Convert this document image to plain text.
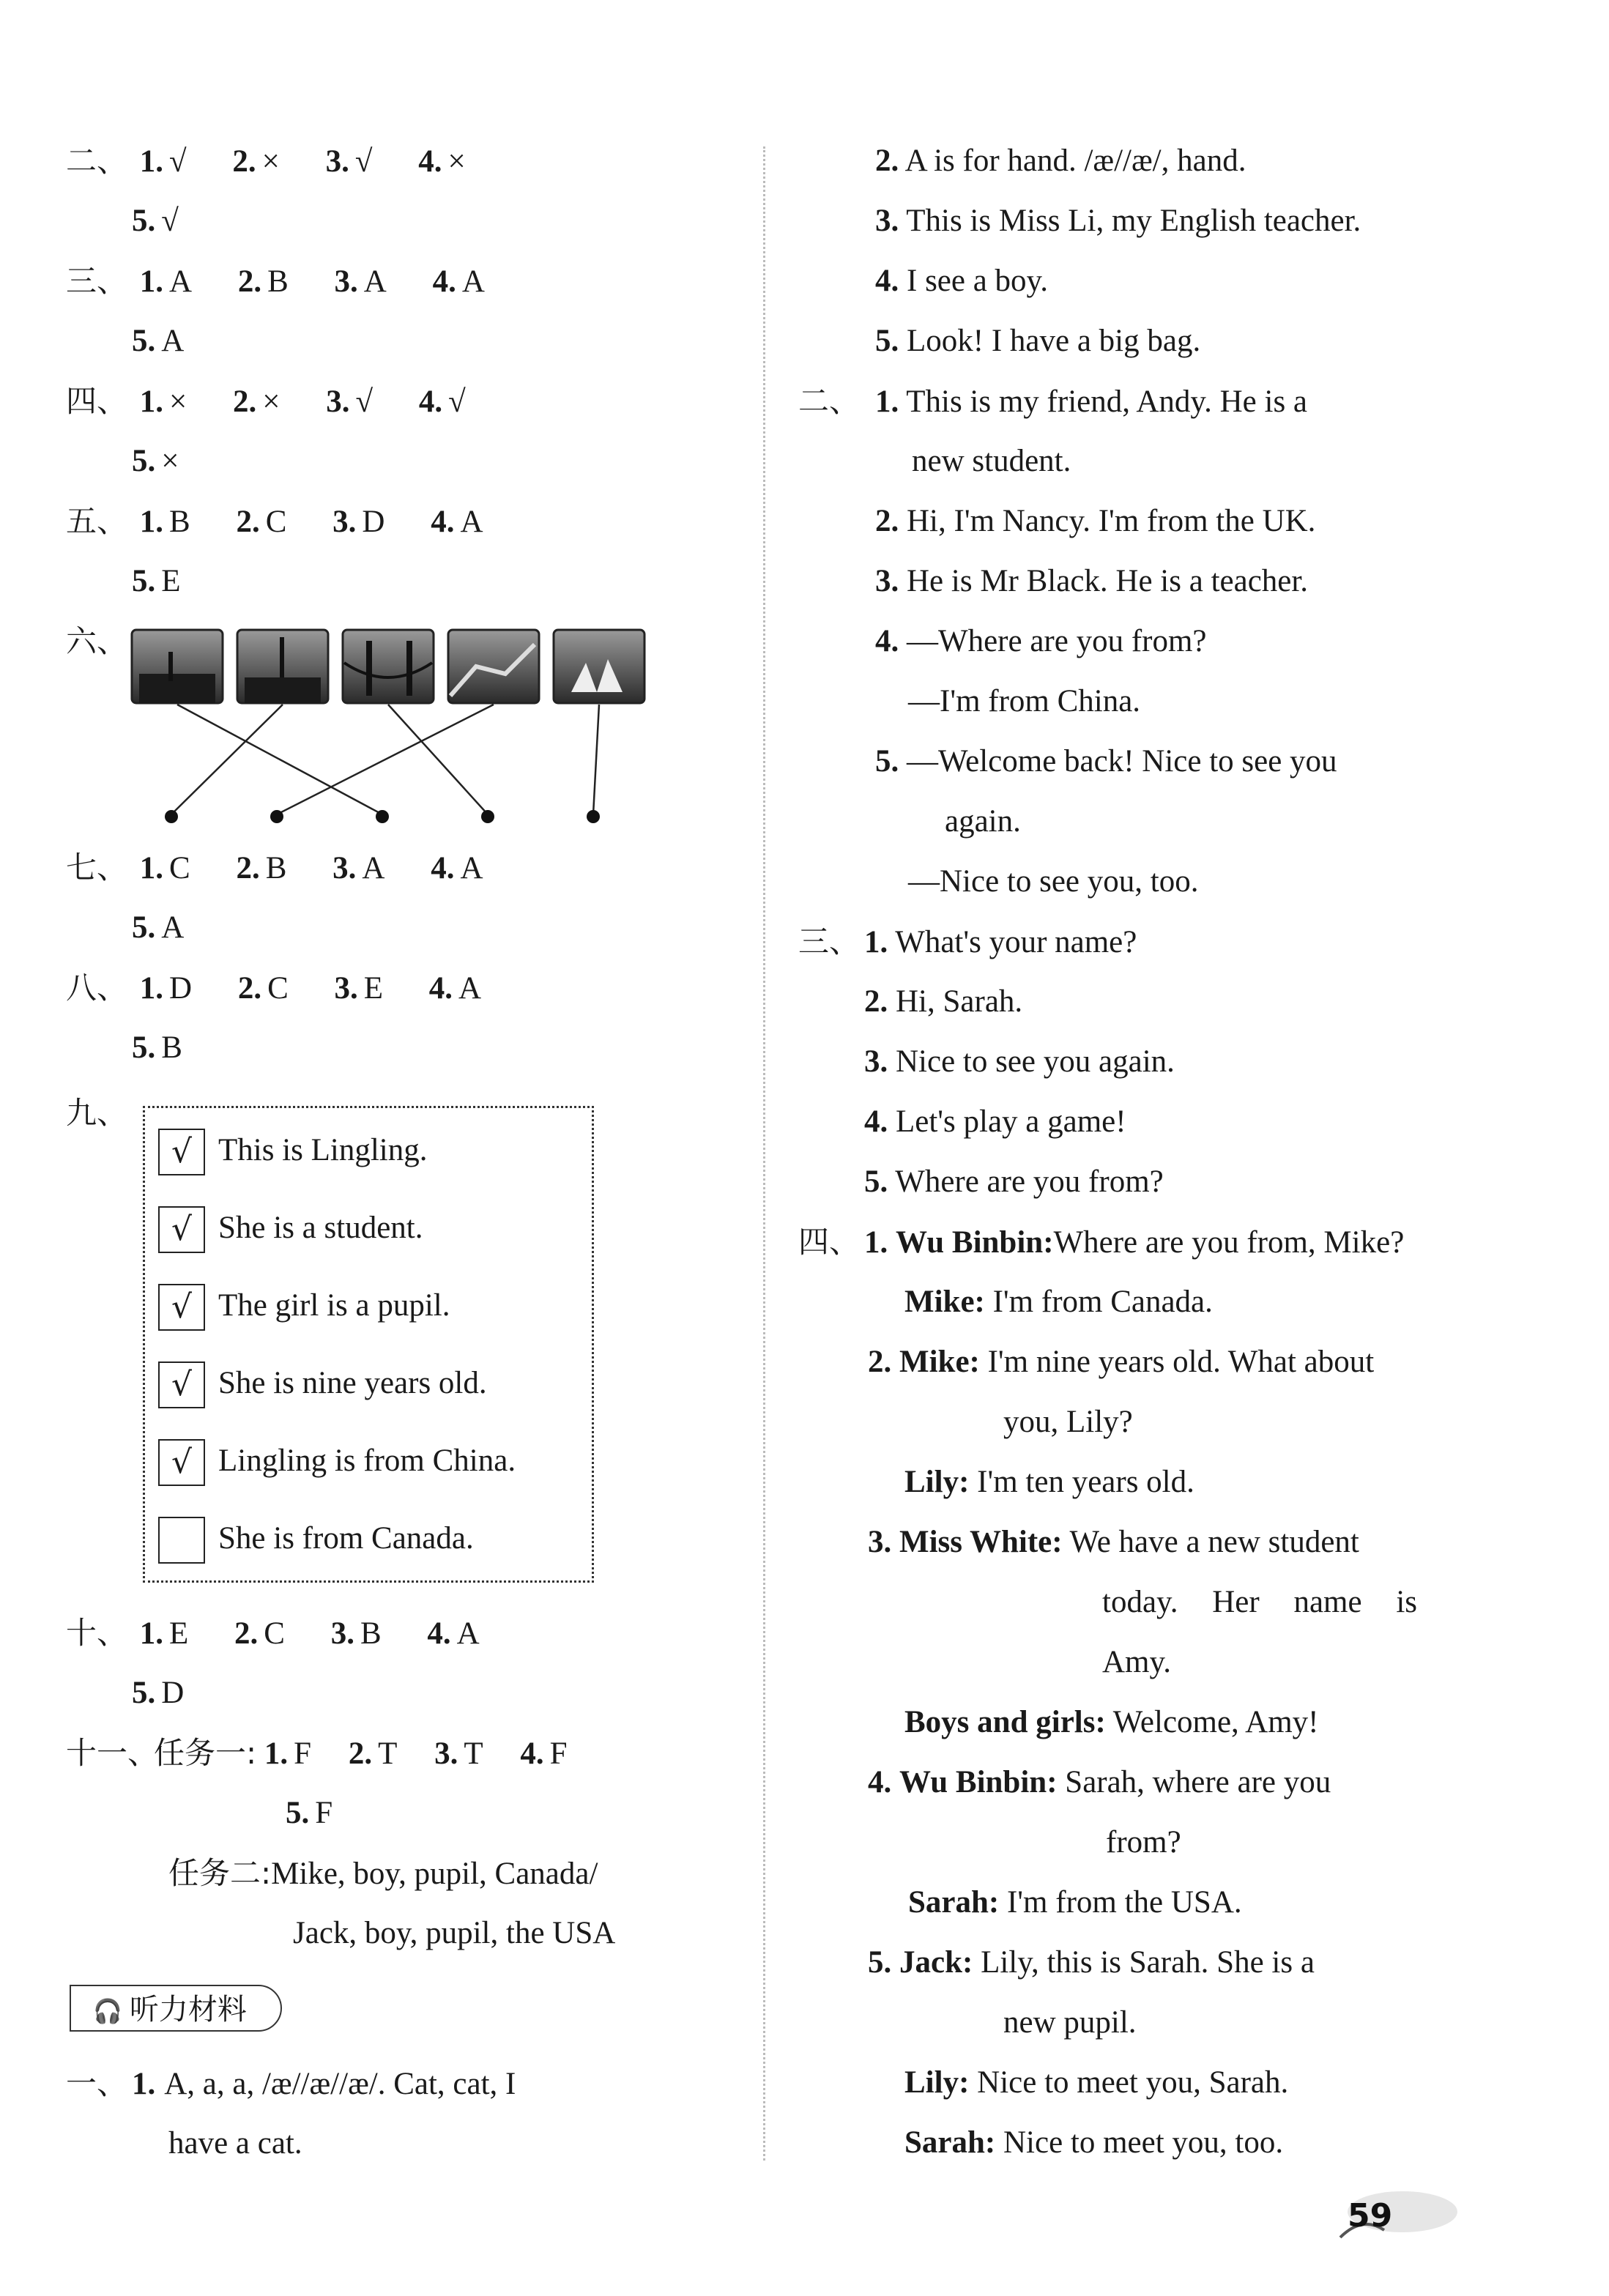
二、 1. √ 2. × 3. √ 4. ×
5. √
三、 1. A 2. B 3. A 4. A
5. A
四、 1. × 2. × 3. √ 4. √
5. ×
五、 1. B 2. C 3. D 4. A
5. E
六、
七、 1. C 2. B 3. A 4. A
5. A
八、 1. D 2. C 3. E 4. A
5. B
九、
√ This is Lingling.
√ She is a student.
√ The girl is a pupil.
√ She is nine years old.
√ Lingling is from China.
She is from Canada.
十、 1. E 2. C 3. B 4. A
5. D
十一、任务一: 1. F 2. T 3. T 4. F
5. F
任务二:Mike, boy, pupil, Canada/
Jack, boy, pupil, the USA
🎧 听力材料
一、 1. A, a, a, /æ//æ//æ/. Cat, cat, I
have a cat.
2. A is for hand. /æ//æ/, hand.
3. This is Miss Li, my English teacher.
4. I see a boy.
5. Look! I have a big bag.
二、 1. This is my friend, Andy. He is a
new student.
2. Hi, I'm Nancy. I'm from the UK.
3. He is Mr Black. He is a teacher.
4. —Where are you from?
—I'm from China.
5. —Welcome back! Nice to see you
again.
—Nice to see you, too.
三、 1. What's your name?
2. Hi, Sarah.
3. Nice to see you again.
4. Let's play a game!
5. Where are you from?
四、 1. Wu Binbin:Where are you from, Mike?
Mike: I'm from Canada.
2. Mike: I'm nine years old. What about
you, Lily?
Lily: I'm ten years old.
3. Miss White: We have a new student
today. Her name is
Amy.
Boys and girls: Welcome, Amy!
4. Wu Binbin: Sarah, where are you
from?
Sarah: I'm from the USA.
5. Jack: Lily, this is Sarah. She is a
new pupil.
Lily: Nice to meet you, Sarah.
Sarah: Nice to meet you, too.
59
